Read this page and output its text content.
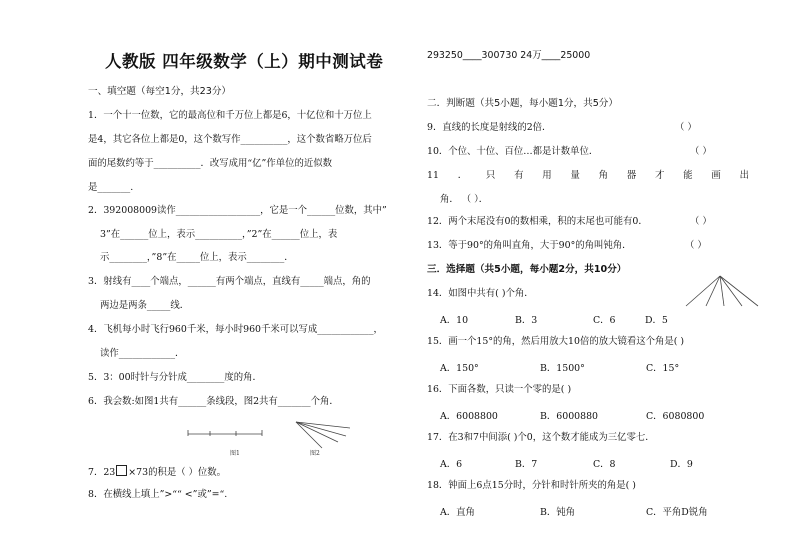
人教版 四年级数学（上）期中测试卷
一、填空题（每空1分，共23分）
1．一个十一位数，它的最高位和千万位上都是6，十亿位和十万位上
是4，其它各位上都是0，这个数写作__________，这个数省略万位后
面的尾数约等于__________．改写成用“亿”作单位的近似数
是_______.
2．392008009读作__________________，它是一个______位数，其中”
3”在______位上，表示__________，”2”在______位上，表
示________，”8”在_____位上，表示________．
3．射线有____个端点，______有两个端点，直线有_____端点，角的
两边是两条_____线．
4．飞机每小时飞行960千米，每小时960千米可以写成____________，
读作____________．
5．3：00时针与分针成________度的角．
6．我会数:如图1共有______条线段，图2共有_______个角．
图1	图2
7．23 ×73的积是（ ）位数。
8．在横线上填上”>““ <”或”=“.
293250____300730 24万____25000
二．判断题（共5小题，每小题1分，共5分）
9．直线的长度是射线的2倍．	（ ）
10．个位、十位、百位…都是计数单位．	（ ）
11 ． 只 有 用 量 角 器 才 能 画 出
角． （ ）．
12．两个末尾没有0的数相乘，积的末尾也可能有0．	（ ）
13．等于90°的角叫直角，大于90°的角叫钝角．	（ ）
三．选择题（共5小题，每小题2分，共10分）
14．如图中共有( )个角．
A．10	B．3	C．6	D．5
15．画一个15°的角，然后用放大10倍的放大镜看这个角是( )
A．150°	B．1500°	C．15°
16．下面各数，只读一个零的是( )
A．6008800	B．6000880	C．6080800
17．在3和7中间添( )个0，这个数才能成为三亿零七．
A．6	B．7	C．8	D．9
18．钟面上6点15分时，分针和时针所夹的角是( )
A．直角	B．钝角	C．平角D锐角
